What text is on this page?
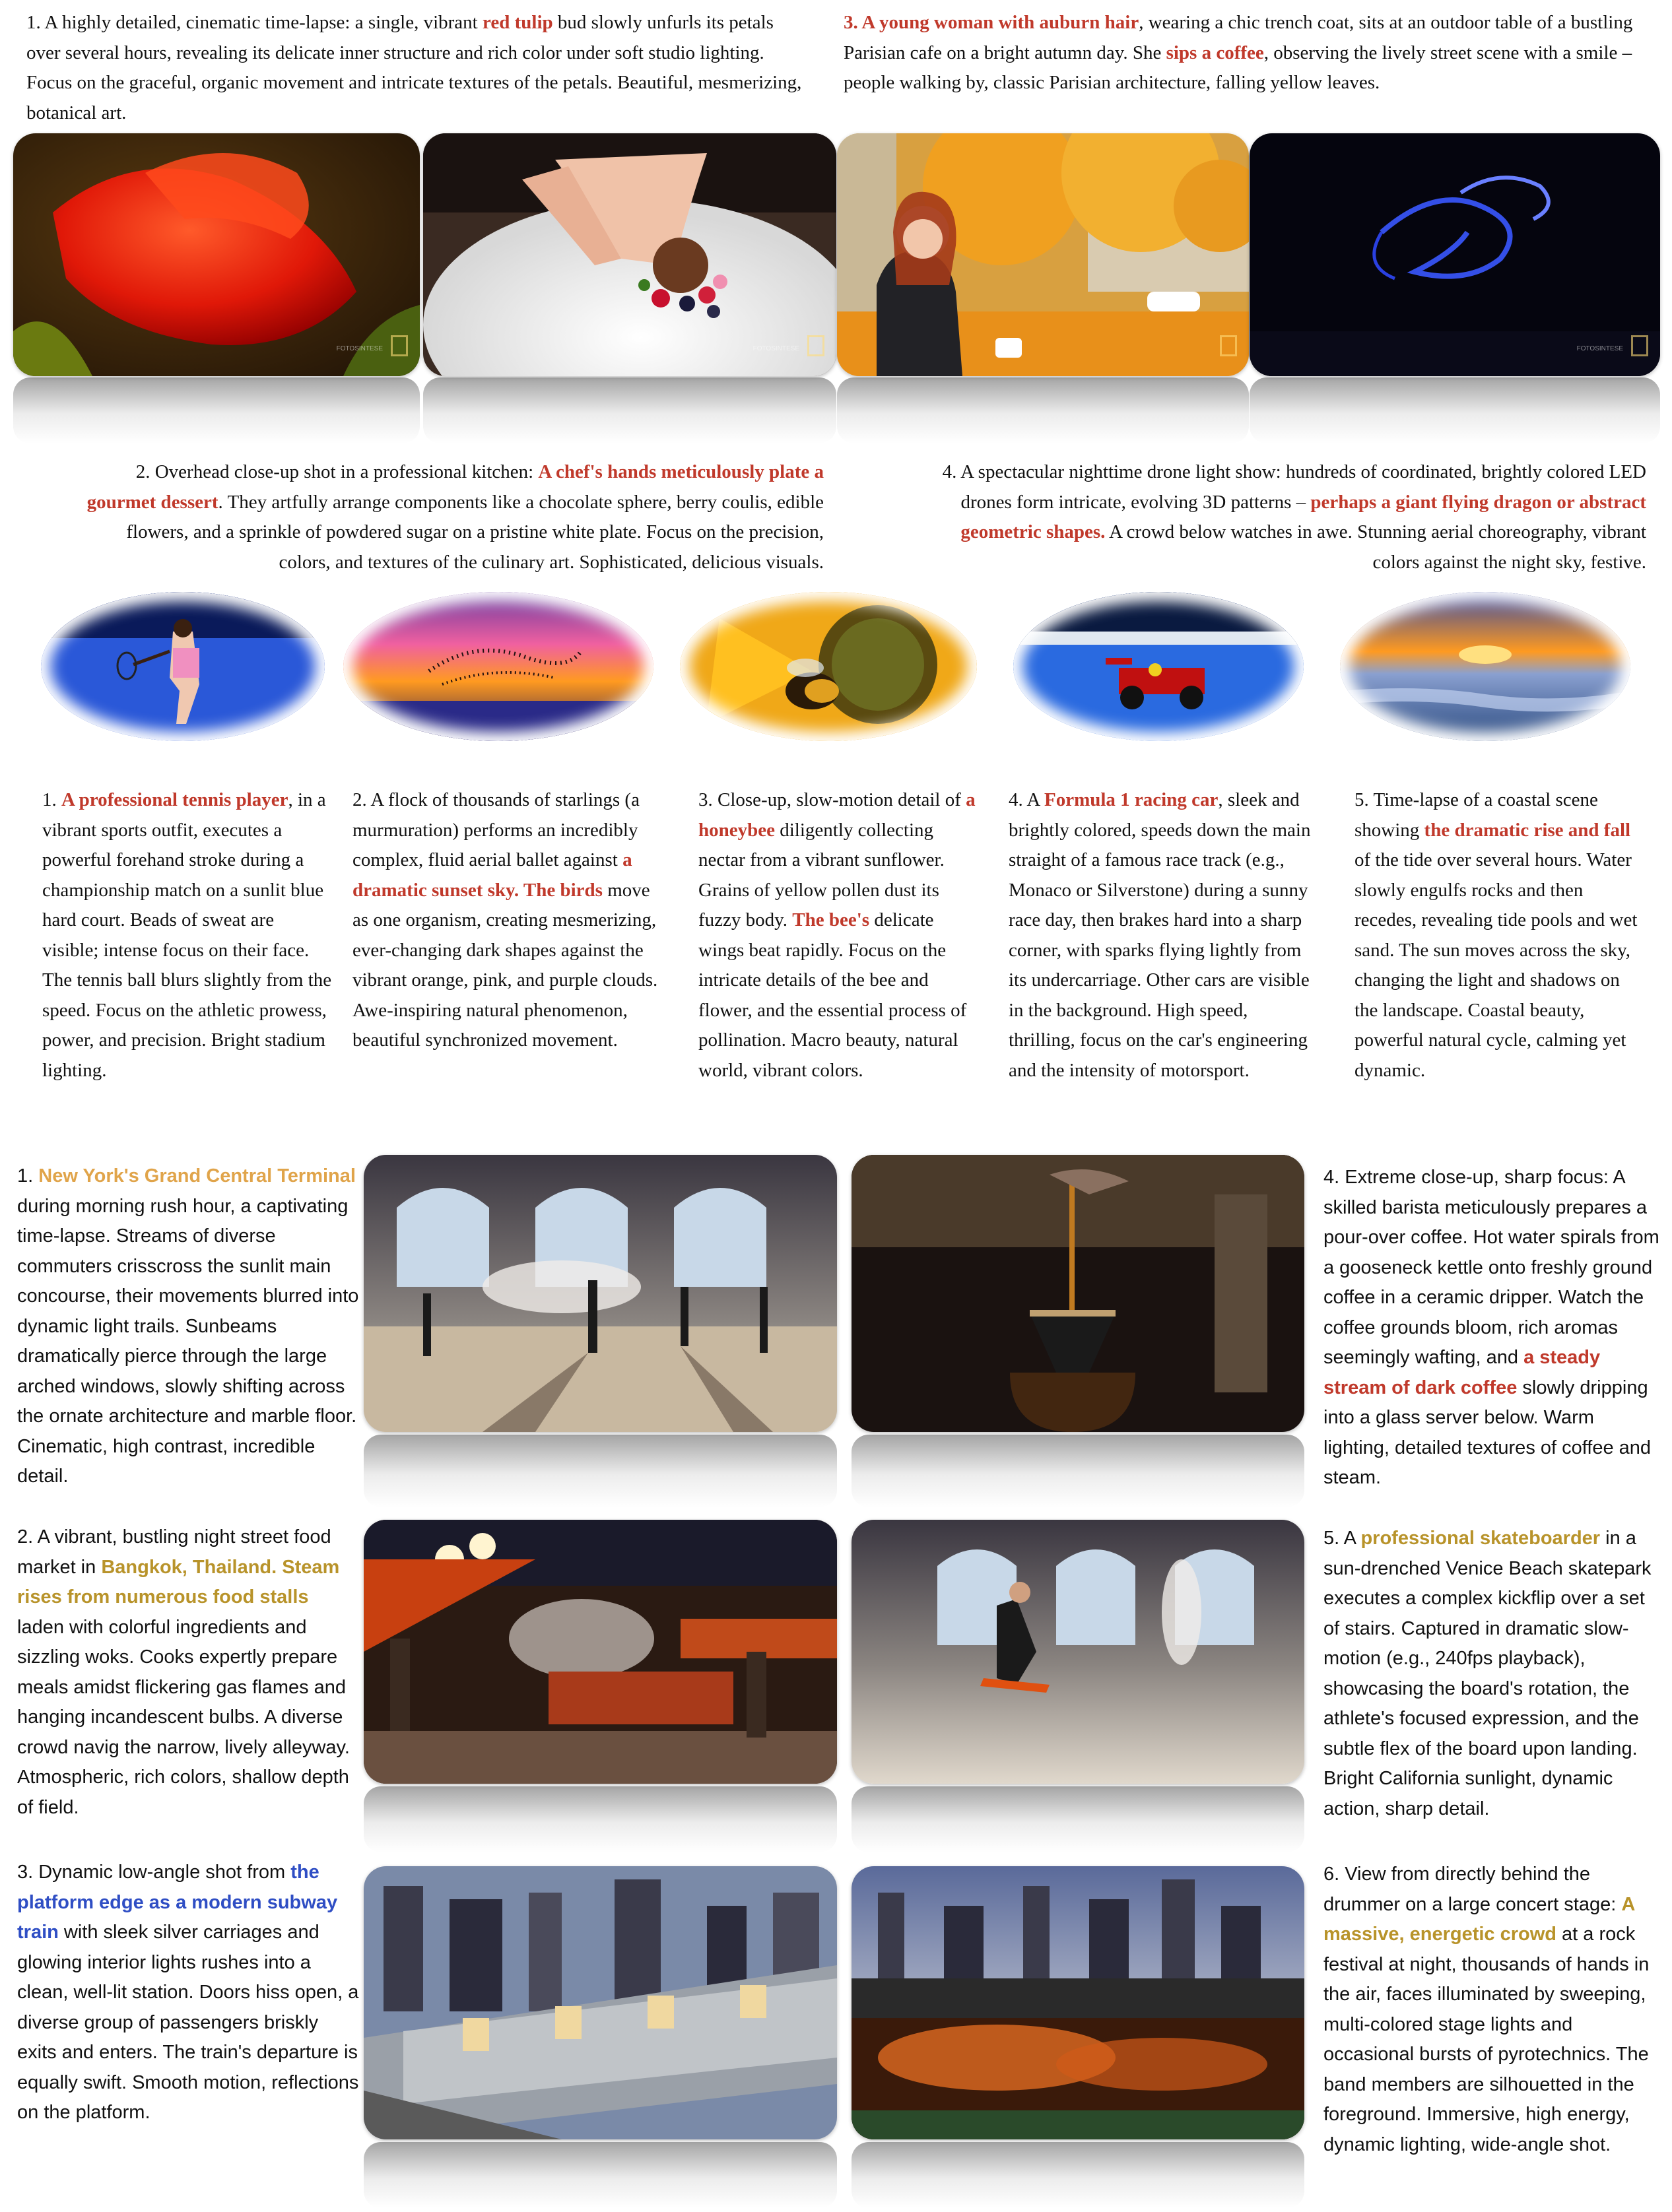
1. A highly detailed, cinematic time-lapse: a single, vibrant red tulip bud slowly unfurls its petals over several hours, revealing its delicate inner structure and rich color under soft studio lighting. Focus on the graceful, organic movement and intricate textures of the petals. Beautiful, mesmerizing, botanical art.

3. A young woman with auburn hair, wearing a chic trench coat, sits at an outdoor table of a bustling Parisian cafe on a bright autumn day. She sips a coffee, observing the lively street scene with a smile – people walking by, classic Parisian architecture, falling yellow leaves.

FOTOSINTESE	FOTOSINTESE	FOTOSINTESE

2. Overhead close-up shot in a professional kitchen: A chef's hands meticulously plate a gourmet dessert. They artfully arrange components like a chocolate sphere, berry coulis, edible flowers, and a sprinkle of powdered sugar on a pristine white plate. Focus on the precision, colors, and textures of the culinary art. Sophisticated, delicious visuals.

4. A spectacular nighttime drone light show: hundreds of coordinated, brightly colored LED drones form intricate, evolving 3D patterns – perhaps a giant flying dragon or abstract geometric shapes. A crowd below watches in awe. Stunning aerial choreography, vibrant colors against the night sky, festive.

1. A professional tennis player, in a vibrant sports outfit, executes a powerful forehand stroke during a championship match on a sunlit blue hard court. Beads of sweat are visible; intense focus on their face. The tennis ball blurs slightly from the speed. Focus on the athletic prowess, power, and precision. Bright stadium lighting.

2. A flock of thousands of starlings (a murmuration) performs an incredibly complex, fluid aerial ballet against a dramatic sunset sky. The birds move as one organism, creating mesmerizing, ever-changing dark shapes against the vibrant orange, pink, and purple clouds. Awe-inspiring natural phenomenon, beautiful synchronized movement.

3. Close-up, slow-motion detail of a honeybee diligently collecting nectar from a vibrant sunflower. Grains of yellow pollen dust its fuzzy body. The bee's delicate wings beat rapidly. Focus on the intricate details of the bee and flower, and the essential process of pollination. Macro beauty, natural world, vibrant colors.

4. A Formula 1 racing car, sleek and brightly colored, speeds down the main straight of a famous race track (e.g., Monaco or Silverstone) during a sunny race day, then brakes hard into a sharp corner, with sparks flying lightly from its undercarriage. Other cars are visible in the background. High speed, thrilling, focus on the car's engineering and the intensity of motorsport.

5. Time-lapse of a coastal scene showing the dramatic rise and fall of the tide over several hours. Water slowly engulfs rocks and then recedes, revealing tide pools and wet sand. The sun moves across the sky, changing the light and shadows on the landscape. Coastal beauty, powerful natural cycle, calming yet dynamic.

1. New York's Grand Central Terminal during morning rush hour, a captivating time-lapse. Streams of diverse commuters crisscross the sunlit main concourse, their movements blurred into dynamic light trails. Sunbeams dramatically pierce through the large arched windows, slowly shifting across the ornate architecture and marble floor. Cinematic, high contrast, incredible detail.

2. A vibrant, bustling night street food market in Bangkok, Thailand. Steam rises from numerous food stalls laden with colorful ingredients and sizzling woks. Cooks expertly prepare meals amidst flickering gas flames and hanging incandescent bulbs. A diverse crowd navig the narrow, lively alleyway. Atmospheric, rich colors, shallow depth of field.

3. Dynamic low-angle shot from the platform edge as a modern subway train with sleek silver carriages and glowing interior lights rushes into a clean, well-lit station. Doors hiss open, a diverse group of passengers briskly exits and enters. The train's departure is equally swift. Smooth motion, reflections on the platform.

4. Extreme close-up, sharp focus: A skilled barista meticulously prepares a pour-over coffee. Hot water spirals from a gooseneck kettle onto freshly ground coffee in a ceramic dripper. Watch the coffee grounds bloom, rich aromas seemingly wafting, and a steady stream of dark coffee slowly dripping into a glass server below. Warm lighting, detailed textures of coffee and steam.

5. A professional skateboarder in a sun-drenched Venice Beach skatepark executes a complex kickflip over a set of stairs. Captured in dramatic slow-motion (e.g., 240fps playback), showcasing the board's rotation, the athlete's focused expression, and the subtle flex of the board upon landing. Bright California sunlight, dynamic action, sharp detail.

6. View from directly behind the drummer on a large concert stage: A massive, energetic crowd at a rock festival at night, thousands of hands in the air, faces illuminated by sweeping, multi-colored stage lights and occasional bursts of pyrotechnics. The band members are silhouetted in the foreground. Immersive, high energy, dynamic lighting, wide-angle shot.
